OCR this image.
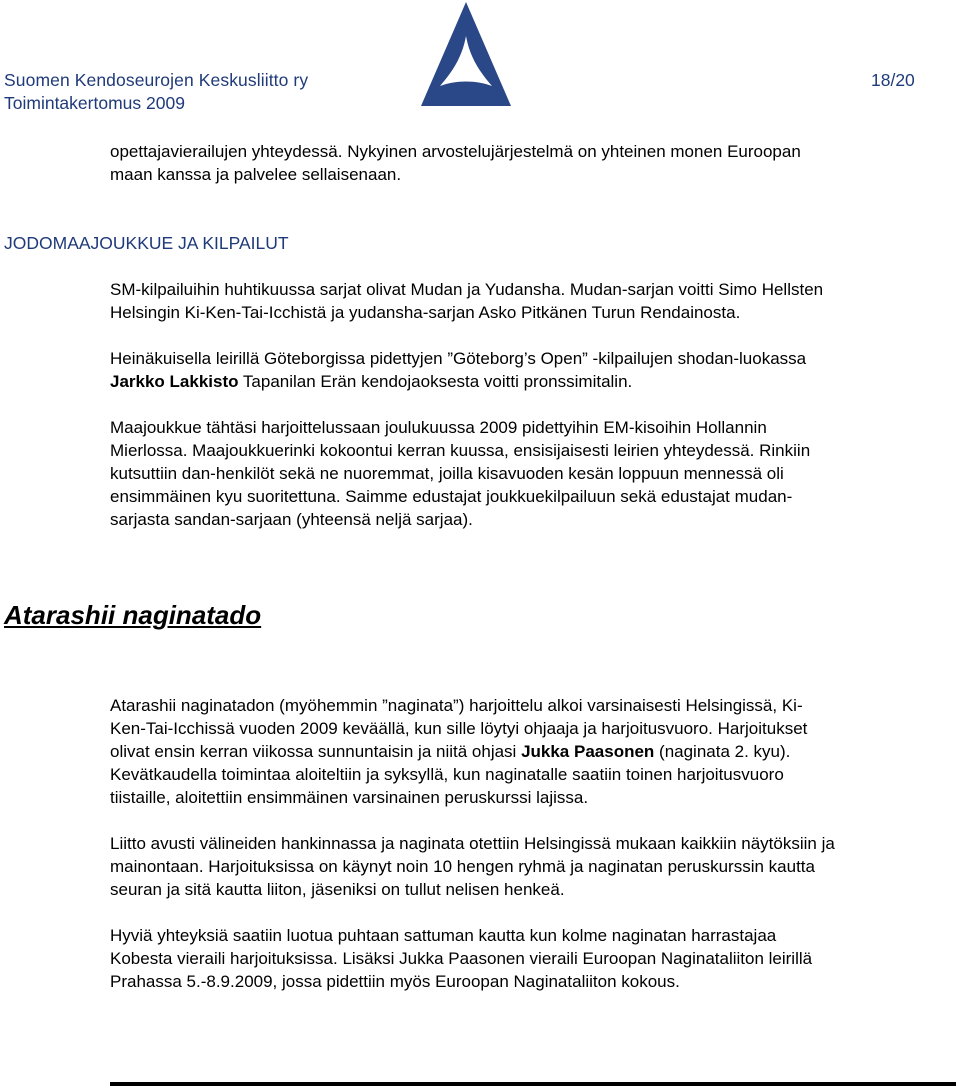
Suomen Kendoseurojen Keskusliitto ry
Toimintakertomus 2009
18/20

opettajavierailujen yhteydessä. Nykyinen arvostelujärjestelmä on yhteinen monen Euroopan
maan kanssa ja palvelee sellaisenaan.

JODOMAAJOUKKUE JA KILPAILUT

SM-kilpailuihin huhtikuussa sarjat olivat Mudan ja Yudansha. Mudan-sarjan voitti Simo Hellsten
Helsingin Ki-Ken-Tai-Icchistä ja yudansha-sarjan Asko Pitkänen Turun Rendainosta.

Heinäkuisella leirillä Göteborgissa pidettyjen ”Göteborg’s Open” -kilpailujen shodan-luokassa
Jarkko Lakkisto Tapanilan Erän kendojaoksesta voitti pronssimitalin.

Maajoukkue tähtäsi harjoittelussaan joulukuussa 2009 pidettyihin EM-kisoihin Hollannin
Mierlossa. Maajoukkuerinki kokoontui kerran kuussa, ensisijaisesti leirien yhteydessä. Rinkiin
kutsuttiin dan-henkilöt sekä ne nuoremmat, joilla kisavuoden kesän loppuun mennessä oli
ensimmäinen kyu suoritettuna. Saimme edustajat joukkuekilpailuun sekä edustajat mudan-
sarjasta sandan-sarjaan (yhteensä neljä sarjaa).

Atarashii naginatado

Atarashii naginatadon (myöhemmin ”naginata”) harjoittelu alkoi varsinaisesti Helsingissä, Ki-
Ken-Tai-Icchissä vuoden 2009 keväällä, kun sille löytyi ohjaaja ja harjoitusvuoro. Harjoitukset
olivat ensin kerran viikossa sunnuntaisin ja niitä ohjasi Jukka Paasonen (naginata 2. kyu).
Kevätkaudella toimintaa aloiteltiin ja syksyllä, kun naginatalle saatiin toinen harjoitusvuoro
tiistaille, aloitettiin ensimmäinen varsinainen peruskurssi lajissa.

Liitto avusti välineiden hankinnassa ja naginata otettiin Helsingissä mukaan kaikkiin näytöksiin ja
mainontaan. Harjoituksissa on käynyt noin 10 hengen ryhmä ja naginatan peruskurssin kautta
seuran ja sitä kautta liiton, jäseniksi on tullut nelisen henkeä.

Hyviä yhteyksiä saatiin luotua puhtaan sattuman kautta kun kolme naginatan harrastajaa
Kobesta vieraili harjoituksissa. Lisäksi Jukka Paasonen vieraili Euroopan Naginataliiton leirillä
Prahassa 5.-8.9.2009, jossa pidettiin myös Euroopan Naginataliiton kokous.
